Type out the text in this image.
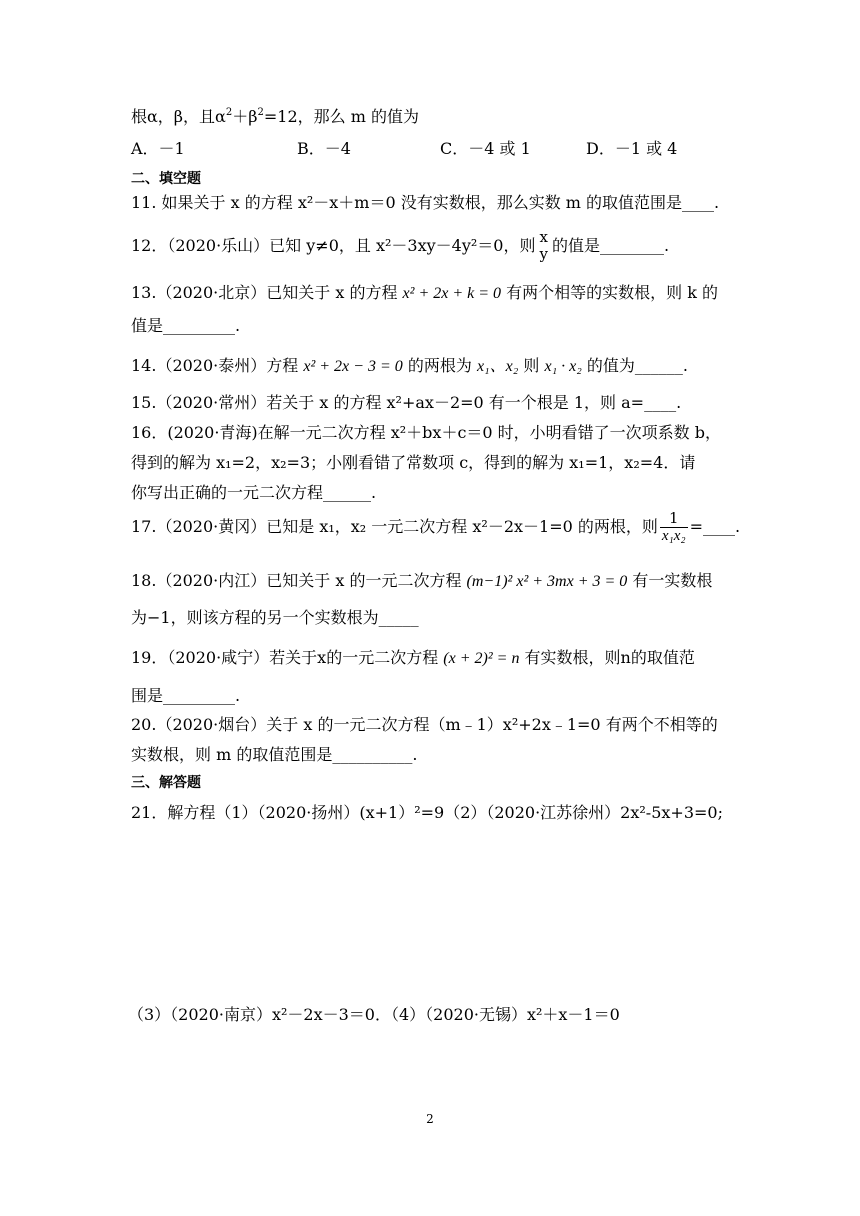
根α，β，且$\alpha^2+\beta^2=12$，那么 m 的值为
A．－1	B．－4	C．－4 或 1	D．－1 或 4
二、填空题
11. 如果关于 x 的方程 x²－x＋m＝0 没有实数根，那么实数 m 的取值范围是____.
12．（2020·乐山）已知 y≠0，且 x²－3xy－4y²＝0，则 x
y 的值是________.
13.（2020·北京）已知关于 x 的方程 x² + 2x + k = 0 有两个相等的实数根，则 k 的
值是_________.
14.（2020·泰州）方程 x² + 2x − 3 = 0 的两根为 x₁、x₂ 则 x₁ · x₂ 的值为______.
15.（2020·常州）若关于 x 的方程 x²+ax－2=0 有一个根是 1，则 a=____.
16．(2020·青海)在解一元二次方程 x²＋bx＋c＝0 时，小明看错了一次项系数 b，
得到的解为 x₁=2，x₂=3；小刚看错了常数项 c，得到的解为 x₁=1，x₂=4．请
你写出正确的一元二次方程______.
17.（2020·黄冈）已知是 x₁，x₂ 一元二次方程 x²－2x－1=0 的两根，则 $\frac{1}{\text{x₁x₂}}$ =____.
18.（2020·内江）已知关于 x 的一元二次方程 (m−1)² x² + 3mx + 3 = 0 有一实数根
为−1，则该方程的另一个实数根为_____
19．（2020·咸宁）若关于x的一元二次方程 (x + 2)² = n 有实数根，则n的取值范
围是_________.
20.（2020·烟台）关于 x 的一元二次方程（m﹣1）x²+2x﹣1=0 有两个不相等的
实数根，则 m 的取值范围是__________.
三、解答题
21．解方程（1）（2020·扬州）(x+1）²=9（2）（2020·江苏徐州）2x²-5x+3=0;
（3）（2020·南京）x²－2x－3＝0．（4）（2020·无锡）x²＋x－1＝0
2
